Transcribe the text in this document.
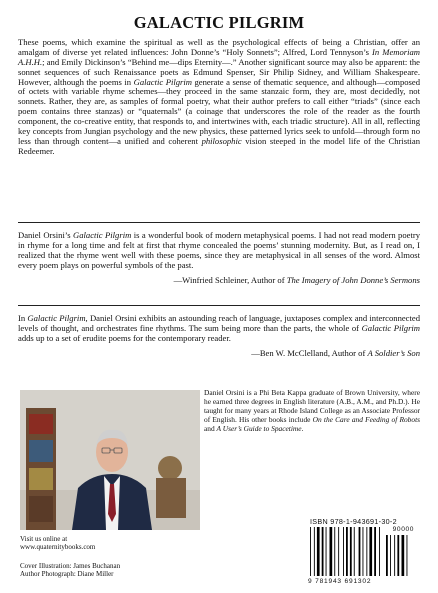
GALACTIC PILGRIM

These poems, which examine the spiritual as well as the psychological effects of being a Christian, offer an amalgam of diverse yet related influences: John Donne’s “Holy Sonnets”; Alfred, Lord Tennyson’s In Memoriam A.H.H.; and Emily Dickinson’s “Behind me—dips Eternity—.” Another significant source may also be apparent: the sonnet sequences of such Renaissance poets as Edmund Spenser, Sir Philip Sidney, and William Shakespeare. However, although the poems in Galactic Pilgrim generate a sense of thematic sequence, and although—composed of octets with variable rhyme schemes—they proceed in the same stanzaic form, they are, most decidedly, not sonnets. Rather, they are, as samples of formal poetry, what their author prefers to call either “triads” (since each poem contains three stanzas) or “quaternals” (a coinage that underscores the role of the reader as the fourth component, the co-creative entity, that responds to, and intertwines with, each triadic structure). All in all, reflecting key concepts from Jungian psychology and the new physics, these patterned lyrics seek to unfold—through form no less than through content—a unified and coherent philosophic vision steeped in the model life of the Christian Redeemer.

Daniel Orsini’s Galactic Pilgrim is a wonderful book of modern metaphysical poems. I had not read modern poetry in rhyme for a long time and felt at first that rhyme concealed the poems’ stunning modernity. But, as I read on, I realized that the rhyme went well with these poems, since they are metaphysical in all senses of the word. Almost every poem plays on powerful symbols of the past.

—Winfried Schleiner, Author of The Imagery of John Donne’s Sermons

In Galactic Pilgrim, Daniel Orsini exhibits an astounding reach of language, juxtaposes complex and interconnected levels of thought, and orchestrates fine rhythms. The sum being more than the parts, the whole of Galactic Pilgrim adds up to a set of erudite poems for the contemporary reader.

—Ben W. McClelland, Author of A Soldier’s Son

Daniel Orsini is a Phi Beta Kappa graduate of Brown University, where he earned three degrees in English literature (A.B., A.M., and Ph.D.). He taught for many years at Rhode Island College as an Associate Professor of English. His other books include On the Care and Feeding of Robots and A User’s Guide to Spacetime.

Visit us online at
www.quaternitybooks.com
Cover Illustration: James Buchanan
Author Photograph: Diane Miller
ISBN 978-1-943691-30-2
90000
9 781943 691302
